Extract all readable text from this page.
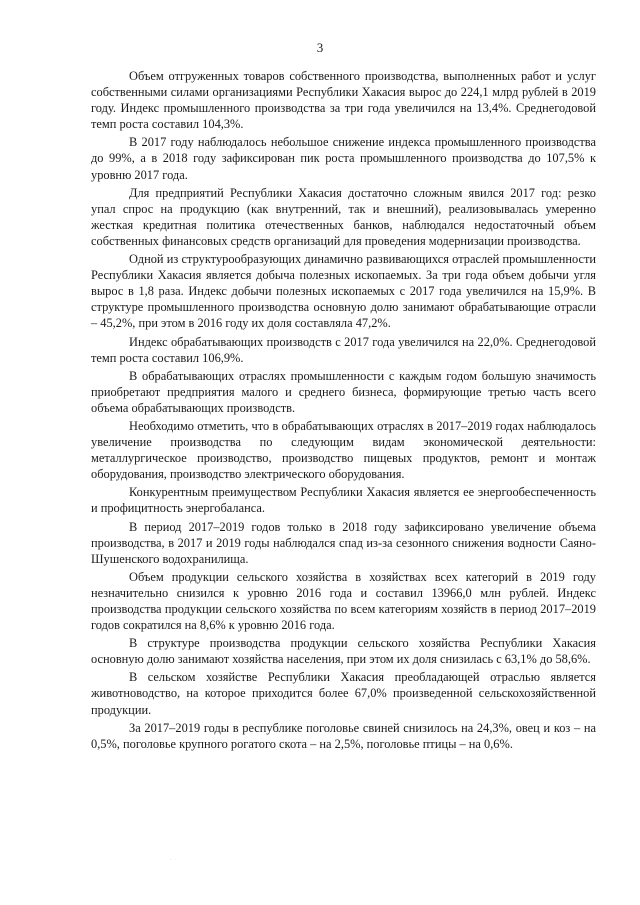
3

Объем отгруженных товаров собственного производства, выполненных работ и услуг собственными силами организациями Республики Хакасия вырос до 224,1 млрд рублей в 2019 году. Индекс промышленного производства за три года увеличился на 13,4%. Среднегодовой темп роста составил 104,3%.

В 2017 году наблюдалось небольшое снижение индекса промышленного производства до 99%, а в 2018 году зафиксирован пик роста промышленного производства до 107,5% к уровню 2017 года.

Для предприятий Республики Хакасия достаточно сложным явился 2017 год: резко упал спрос на продукцию (как внутренний, так и внешний), реализовывалась умеренно жесткая кредитная политика отечественных банков, наблюдался недостаточный объем собственных финансовых средств организаций для проведения модернизации производства.

Одной из структурообразующих динамично развивающихся отраслей промышленности Республики Хакасия является добыча полезных ископаемых. За три года объем добычи угля вырос в 1,8 раза. Индекс добычи полезных ископаемых с 2017 года увеличился на 15,9%. В структуре промышленного производства основную долю занимают обрабатывающие отрасли – 45,2%, при этом в 2016 году их доля составляла 47,2%.

Индекс обрабатывающих производств с 2017 года увеличился на 22,0%. Среднегодовой темп роста составил 106,9%.

В обрабатывающих отраслях промышленности с каждым годом большую значимость приобретают предприятия малого и среднего бизнеса, формирующие третью часть всего объема обрабатывающих производств.

Необходимо отметить, что в обрабатывающих отраслях в 2017–2019 годах наблюдалось увеличение производства по следующим видам экономической деятельности: металлургическое производство, производство пищевых продуктов, ремонт и монтаж оборудования, производство электрического оборудования.

Конкурентным преимуществом Республики Хакасия является ее энергообеспеченность и профицитность энергобаланса.

В период 2017–2019 годов только в 2018 году зафиксировано увеличение объема производства, в 2017 и 2019 годы наблюдался спад из-за сезонного снижения водности Саяно-Шушенского водохранилища.

Объем продукции сельского хозяйства в хозяйствах всех категорий в 2019 году незначительно снизился к уровню 2016 года и составил 13966,0 млн рублей. Индекс производства продукции сельского хозяйства по всем категориям хозяйств в период 2017–2019 годов сократился на 8,6% к уровню 2016 года.

В структуре производства продукции сельского хозяйства Республики Хакасия основную долю занимают хозяйства населения, при этом их доля снизилась с 63,1% до 58,6%.

В сельском хозяйстве Республики Хакасия преобладающей отраслью является животноводство, на которое приходится более 67,0% произведенной сельскохозяйственной продукции.

За 2017–2019 годы в республике поголовье свиней снизилось на 24,3%, овец и коз – на 0,5%, поголовье крупного рогатого скота – на 2,5%, поголовье птицы – на 0,6%.

· ·
